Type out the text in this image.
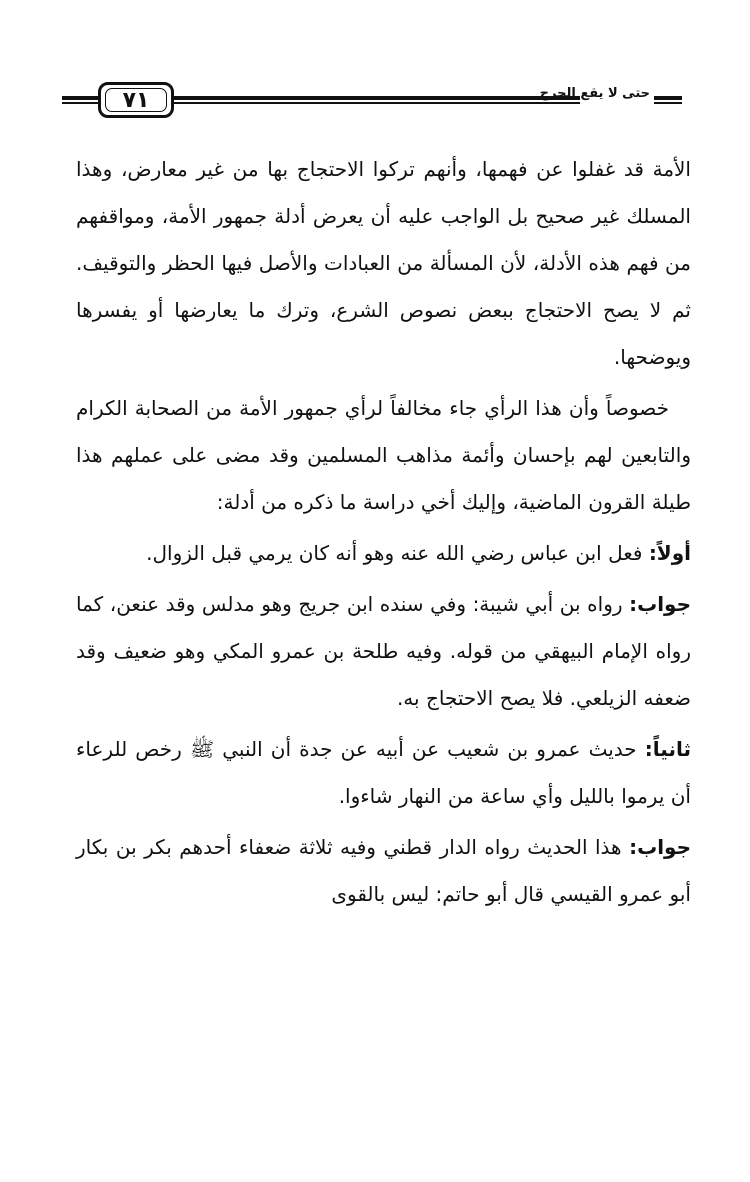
٧١	حتى لا يقع الحرج

الأمة قد غفلوا عن فهمها، وأنهم تركوا الاحتجاج بها من غير معارض، وهذا المسلك غير صحيح بل الواجب عليه أن يعرض أدلة جمهور الأمة، ومواقفهم من فهم هذه الأدلة، لأن المسألة من العبادات والأصل فيها الحظر والتوقيف. ثم لا يصح الاحتجاج ببعض نصوص الشرع، وترك ما يعارضها أو يفسرها ويوضحها.

خصوصاً وأن هذا الرأي جاء مخالفاً لرأي جمهور الأمة من الصحابة الكرام والتابعين لهم بإحسان وأئمة مذاهب المسلمين وقد مضى على عملهم هذا طيلة القرون الماضية، وإليك أخي دراسة ما ذكره من أدلة:

أولاً: فعل ابن عباس رضي الله عنه وهو أنه كان يرمي قبل الزوال.

جواب: رواه بن أبي شيبة: وفي سنده ابن جريج وهو مدلس وقد عنعن، كما رواه الإمام البيهقي من قوله. وفيه طلحة بن عمرو المكي وهو ضعيف وقد ضعفه الزيلعي. فلا يصح الاحتجاج به.

ثانياً: حديث عمرو بن شعيب عن أبيه عن جدة أن النبي ﷺ رخص للرعاء أن يرموا بالليل وأي ساعة من النهار شاءوا.

جواب: هذا الحديث رواه الدار قطني وفيه ثلاثة ضعفاء أحدهم بكر بن بكار أبو عمرو القيسي قال أبو حاتم: ليس بالقوى
